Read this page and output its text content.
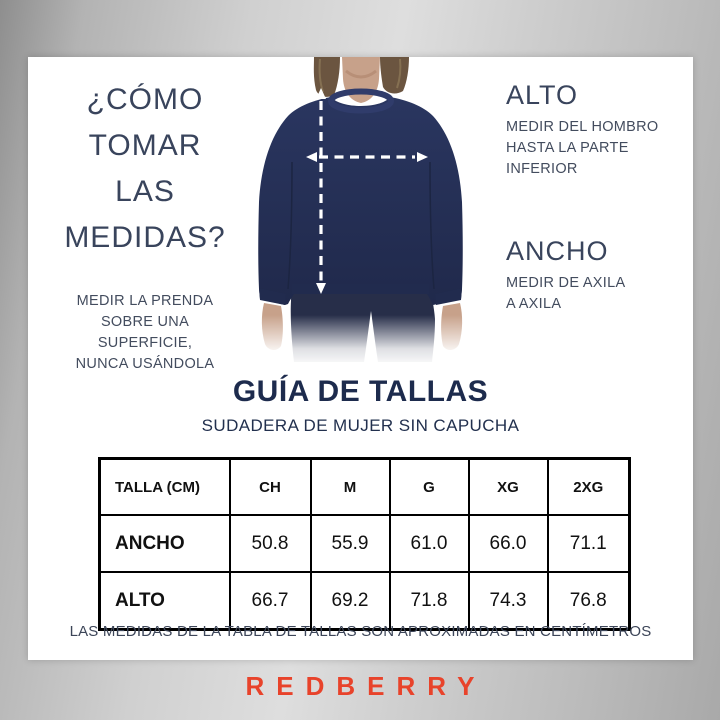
¿CÓMO TOMAR
LAS MEDIDAS?
MEDIR LA PRENDA
SOBRE UNA
SUPERFICIE,
NUNCA USÁNDOLA
ALTO
MEDIR DEL HOMBRO
HASTA LA PARTE
INFERIOR
ANCHO
MEDIR DE AXILA
A AXILA
GUÍA DE TALLAS
SUDADERA DE MUJER SIN CAPUCHA
TALLA (CM)	CH	M	G	XG	2XG
ANCHO	50.8	55.9	61.0	66.0	71.1
ALTO	66.7	69.2	71.8	74.3	76.8
LAS MEDIDAS DE LA TABLA DE TALLAS SON APROXIMADAS EN CENTÍMETROS
REDBERRY
